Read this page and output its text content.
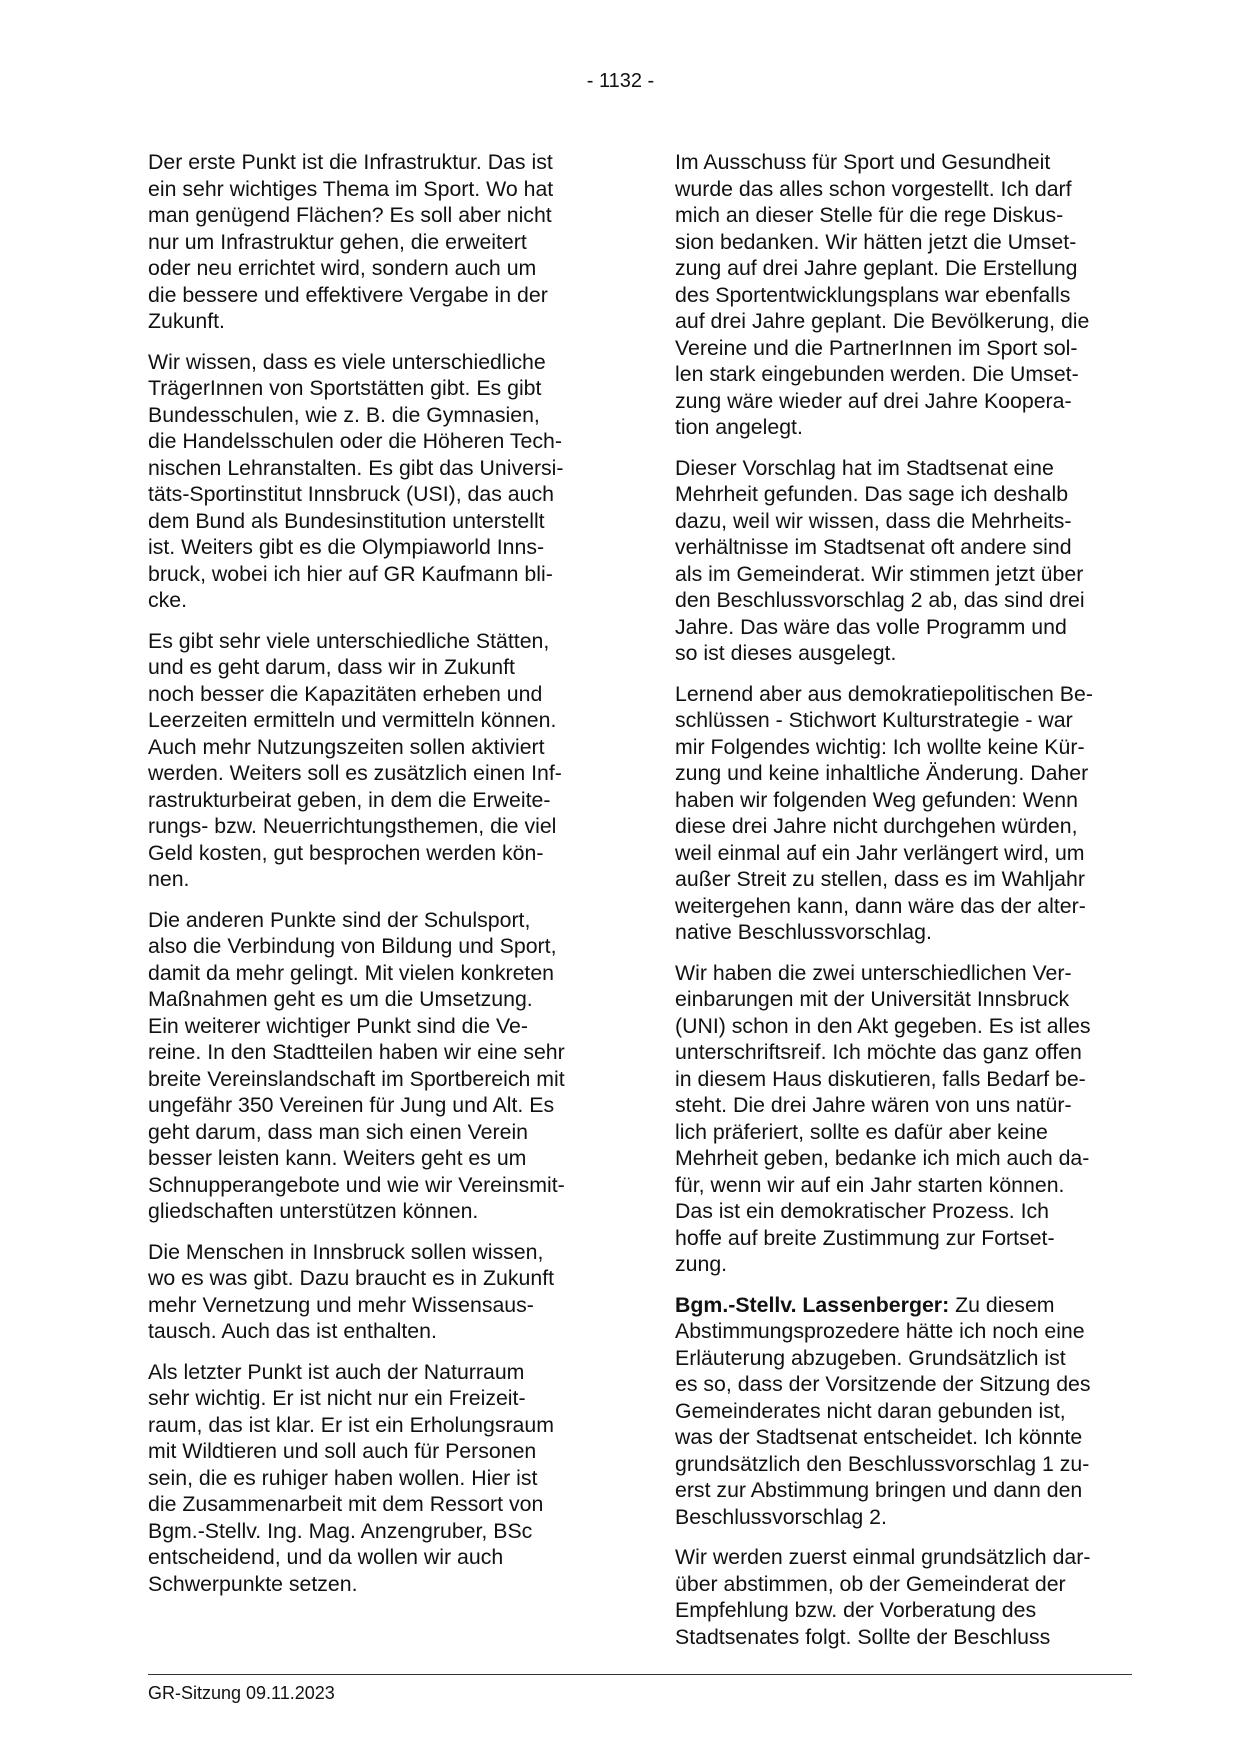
- 1132 -

Der erste Punkt ist die Infrastruktur. Das ist
ein sehr wichtiges Thema im Sport. Wo hat
man genügend Flächen? Es soll aber nicht
nur um Infrastruktur gehen, die erweitert
oder neu errichtet wird, sondern auch um
die bessere und effektivere Vergabe in der
Zukunft.

Wir wissen, dass es viele unterschiedliche
TrägerInnen von Sportstätten gibt. Es gibt
Bundesschulen, wie z. B. die Gymnasien,
die Handelsschulen oder die Höheren Tech-
nischen Lehranstalten. Es gibt das Universi-
täts-Sportinstitut Innsbruck (USI), das auch
dem Bund als Bundesinstitution unterstellt
ist. Weiters gibt es die Olympiaworld Inns-
bruck, wobei ich hier auf GR Kaufmann bli-
cke.

Es gibt sehr viele unterschiedliche Stätten,
und es geht darum, dass wir in Zukunft
noch besser die Kapazitäten erheben und
Leerzeiten ermitteln und vermitteln können.
Auch mehr Nutzungszeiten sollen aktiviert
werden. Weiters soll es zusätzlich einen Inf-
rastrukturbeirat geben, in dem die Erweite-
rungs- bzw. Neuerrichtungsthemen, die viel
Geld kosten, gut besprochen werden kön-
nen.

Die anderen Punkte sind der Schulsport,
also die Verbindung von Bildung und Sport,
damit da mehr gelingt. Mit vielen konkreten
Maßnahmen geht es um die Umsetzung.
Ein weiterer wichtiger Punkt sind die Ve-
reine. In den Stadtteilen haben wir eine sehr
breite Vereinslandschaft im Sportbereich mit
ungefähr 350 Vereinen für Jung und Alt. Es
geht darum, dass man sich einen Verein
besser leisten kann. Weiters geht es um
Schnupperangebote und wie wir Vereinsmit-
gliedschaften unterstützen können.

Die Menschen in Innsbruck sollen wissen,
wo es was gibt. Dazu braucht es in Zukunft
mehr Vernetzung und mehr Wissensaus-
tausch. Auch das ist enthalten.

Als letzter Punkt ist auch der Naturraum
sehr wichtig. Er ist nicht nur ein Freizeit-
raum, das ist klar. Er ist ein Erholungsraum
mit Wildtieren und soll auch für Personen
sein, die es ruhiger haben wollen. Hier ist
die Zusammenarbeit mit dem Ressort von
Bgm.-Stellv. Ing. Mag. Anzengruber, BSc
entscheidend, und da wollen wir auch
Schwerpunkte setzen.

Im Ausschuss für Sport und Gesundheit
wurde das alles schon vorgestellt. Ich darf
mich an dieser Stelle für die rege Diskus-
sion bedanken. Wir hätten jetzt die Umset-
zung auf drei Jahre geplant. Die Erstellung
des Sportentwicklungsplans war ebenfalls
auf drei Jahre geplant. Die Bevölkerung, die
Vereine und die PartnerInnen im Sport sol-
len stark eingebunden werden. Die Umset-
zung wäre wieder auf drei Jahre Koopera-
tion angelegt.

Dieser Vorschlag hat im Stadtsenat eine
Mehrheit gefunden. Das sage ich deshalb
dazu, weil wir wissen, dass die Mehrheits-
verhältnisse im Stadtsenat oft andere sind
als im Gemeinderat. Wir stimmen jetzt über
den Beschlussvorschlag 2 ab, das sind drei
Jahre. Das wäre das volle Programm und
so ist dieses ausgelegt.

Lernend aber aus demokratiepolitischen Be-
schlüssen - Stichwort Kulturstrategie - war
mir Folgendes wichtig: Ich wollte keine Kür-
zung und keine inhaltliche Änderung. Daher
haben wir folgenden Weg gefunden: Wenn
diese drei Jahre nicht durchgehen würden,
weil einmal auf ein Jahr verlängert wird, um
außer Streit zu stellen, dass es im Wahljahr
weitergehen kann, dann wäre das der alter-
native Beschlussvorschlag.

Wir haben die zwei unterschiedlichen Ver-
einbarungen mit der Universität Innsbruck
(UNI) schon in den Akt gegeben. Es ist alles
unterschriftsreif. Ich möchte das ganz offen
in diesem Haus diskutieren, falls Bedarf be-
steht. Die drei Jahre wären von uns natür-
lich präferiert, sollte es dafür aber keine
Mehrheit geben, bedanke ich mich auch da-
für, wenn wir auf ein Jahr starten können.
Das ist ein demokratischer Prozess. Ich
hoffe auf breite Zustimmung zur Fortset-
zung.

Bgm.-Stellv. Lassenberger: Zu diesem
Abstimmungsprozedere hätte ich noch eine
Erläuterung abzugeben. Grundsätzlich ist
es so, dass der Vorsitzende der Sitzung des
Gemeinderates nicht daran gebunden ist,
was der Stadtsenat entscheidet. Ich könnte
grundsätzlich den Beschlussvorschlag 1 zu-
erst zur Abstimmung bringen und dann den
Beschlussvorschlag 2.

Wir werden zuerst einmal grundsätzlich dar-
über abstimmen, ob der Gemeinderat der
Empfehlung bzw. der Vorberatung des
Stadtsenates folgt. Sollte der Beschluss

GR-Sitzung 09.11.2023
